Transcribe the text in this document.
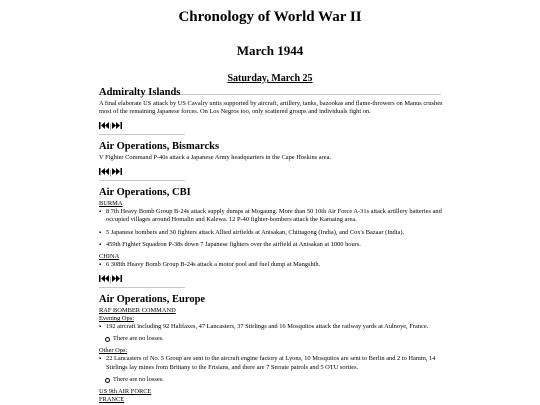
Chronology of World War II
March 1944
Saturday, March 25
Admiralty Islands

A final elaborate US attack by US Cavalry units supported by aircraft, artillery, tanks, bazookas and flame-throwers on Manus crushes most of the remaining Japanese forces. On Los Negros too, only scattered groups and individuals fight on.

|
Air Operations, Bismarcks

V Fighter Command P-40s attack a Japanese Army headquarters in the Cape Hoskins area.

|
Air Operations, CBI
BURMA
▪ 8 7th Heavy Bomb Group B-24s attack supply dumps at Mogaung. More than 50 10th Air Force A-31s attack artillery batteries and occupied villages around Homalin and Kalewa. 12 P-40 fighter-bombers attack the Kamaing area.
▪ 5 Japanese bombers and 30 fighters attack Allied airfields at Anisakan, Chittagong (India), and Cox's Bazaar (India).
▪ 459th Fighter Squadron P-38s down 7 Japanese fighters over the airfield at Anisakan at 1000 hours.
CHINA
▪ 6 308th Heavy Bomb Group B-24s attack a motor pool and fuel dump at Mangshih.
|
Air Operations, Europe
RAF BOMBER COMMAND
Evening Ops:
▪ 192 aircraft including 92 Halifaxes, 47 Lancasters, 37 Stirlings and 16 Mosquitos attack the railway yards at Aulnoye, France.
There are no losses.
Other Ops:
▪ 22 Lancasters of No. 5 Group are sent to the aircraft engine factory at Lyons, 10 Mosquitos are sent to Berlin and 2 to Hamm, 14 Stirlings lay mines from Brittany to the Frisians, and there are 7 Serrate patrols and 5 OTU sorties.
There are no losses.
US 9th AIR FORCE
FRANCE
